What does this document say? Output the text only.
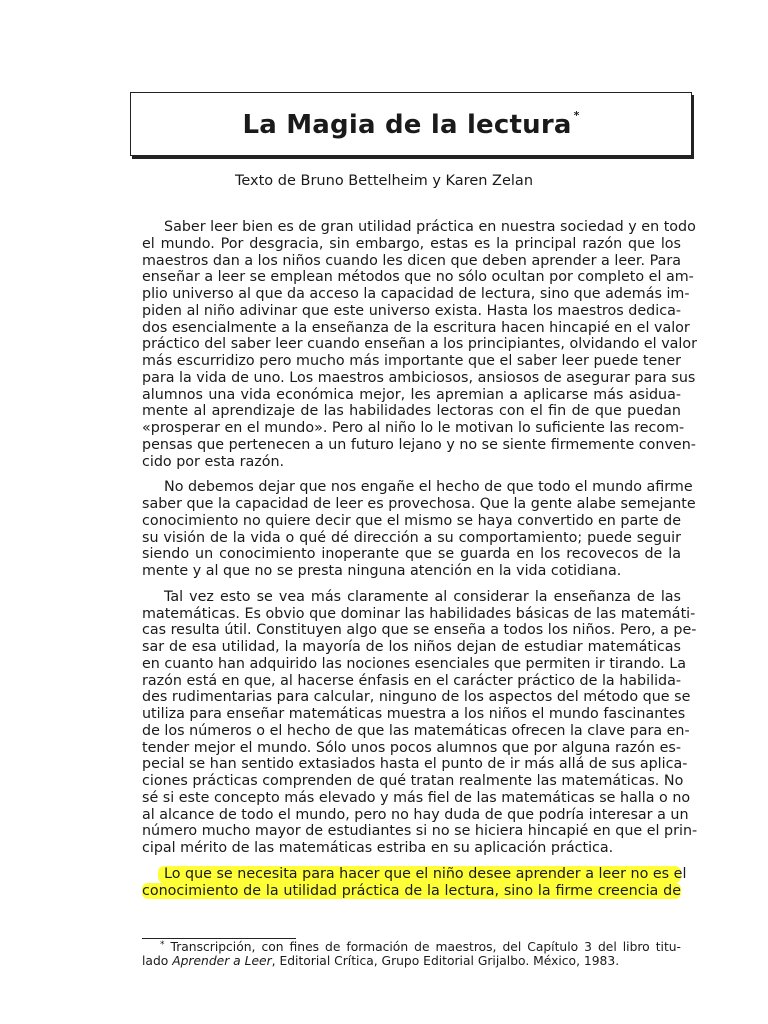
La Magia de la lectura *
Texto de Bruno Bettelheim y Karen Zelan
Saber leer bien es de gran utilidad práctica en nuestra sociedad y en todo
el mundo. Por desgracia, sin embargo, estas es la principal razón que los
maestros dan a los niños cuando les dicen que deben aprender a leer. Para
enseñar a leer se emplean métodos que no sólo ocultan por completo el am-
plio universo al que da acceso la capacidad de lectura, sino que además im-
piden al niño adivinar que este universo exista. Hasta los maestros dedica-
dos esencialmente a la enseñanza de la escritura hacen hincapié en el valor
práctico del saber leer cuando enseñan a los principiantes, olvidando el valor
más escurridizo pero mucho más importante que el saber leer puede tener
para la vida de uno. Los maestros ambiciosos, ansiosos de asegurar para sus
alumnos una vida económica mejor, les apremian a aplicarse más asidua-
mente al aprendizaje de las habilidades lectoras con el fin de que puedan
«prosperar en el mundo». Pero al niño lo le motivan lo suficiente las recom-
pensas que pertenecen a un futuro lejano y no se siente firmemente conven-
cido por esta razón.
No debemos dejar que nos engañe el hecho de que todo el mundo afirme
saber que la capacidad de leer es provechosa. Que la gente alabe semejante
conocimiento no quiere decir que el mismo se haya convertido en parte de
su visión de la vida o qué dé dirección a su comportamiento; puede seguir
siendo un conocimiento inoperante que se guarda en los recovecos de la
mente y al que no se presta ninguna atención en la vida cotidiana.
Tal vez esto se vea más claramente al considerar la enseñanza de las
matemáticas. Es obvio que dominar las habilidades básicas de las matemáti-
cas resulta útil. Constituyen algo que se enseña a todos los niños. Pero, a pe-
sar de esa utilidad, la mayoría de los niños dejan de estudiar matemáticas
en cuanto han adquirido las nociones esenciales que permiten ir tirando. La
razón está en que, al hacerse énfasis en el carácter práctico de la habilida-
des rudimentarias para calcular, ninguno de los aspectos del método que se
utiliza para enseñar matemáticas muestra a los niños el mundo fascinantes
de los números o el hecho de que las matemáticas ofrecen la clave para en-
tender mejor el mundo. Sólo unos pocos alumnos que por alguna razón es-
pecial se han sentido extasiados hasta el punto de ir más allá de sus aplica-
ciones prácticas comprenden de qué tratan realmente las matemáticas. No
sé si este concepto más elevado y más fiel de las matemáticas se halla o no
al alcance de todo el mundo, pero no hay duda de que podría interesar a un
número mucho mayor de estudiantes si no se hiciera hincapié en que el prin-
cipal mérito de las matemáticas estriba en su aplicación práctica.
Lo que se necesita para hacer que el niño desee aprender a leer no es el
conocimiento de la utilidad práctica de la lectura, sino la firme creencia de
* Transcripción, con fines de formación de maestros, del Capítulo 3 del libro titu-
lado Aprender a Leer, Editorial Crítica, Grupo Editorial Grijalbo. México, 1983.
